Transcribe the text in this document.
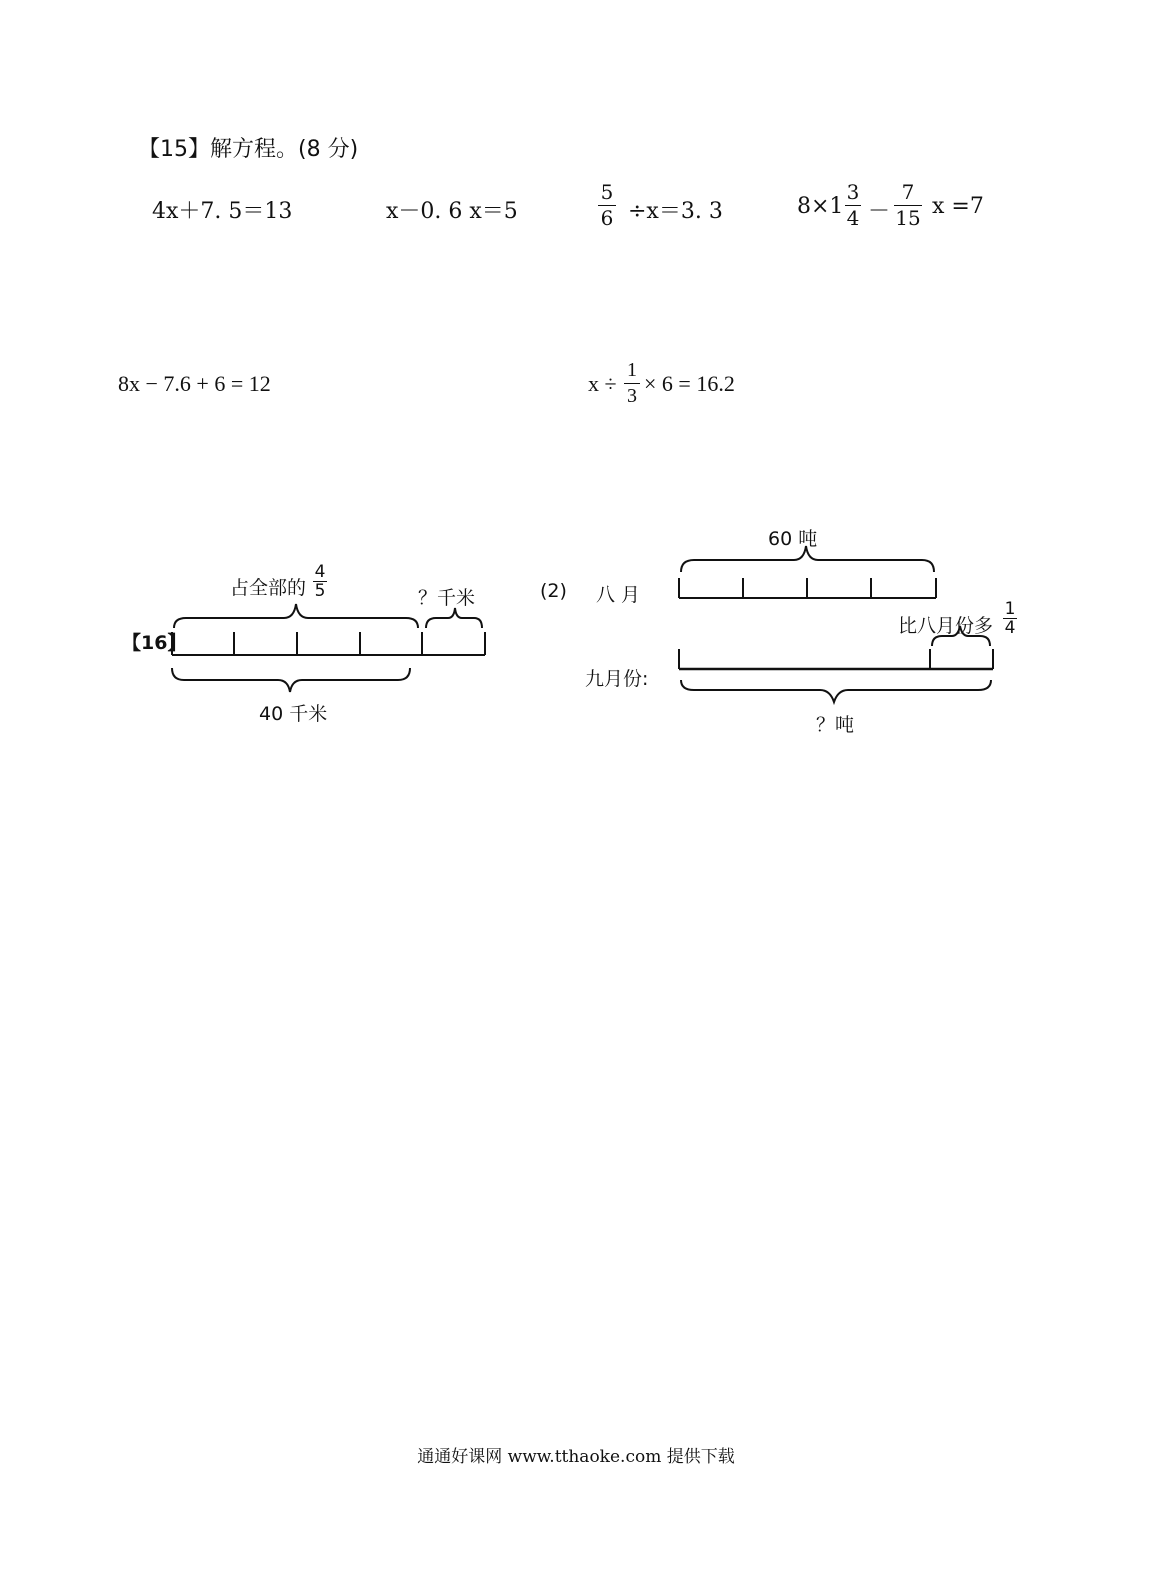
【15】解方程。(8 分)
4x＋7. 5＝13	x－0. 6 x＝5
5
6 ÷x＝3. 3	8×1
3
4 －
7
15 x =7
8x − 7.6 + 6 = 12	x ÷
1
3 × 6 = 16.2
占全部的
4
5	？千米
【16】
40 千米
(2) 八 月
60 吨
比八月份多
1
4
九月份:
？吨
通通好课网 www.tthaoke.com 提供下载
